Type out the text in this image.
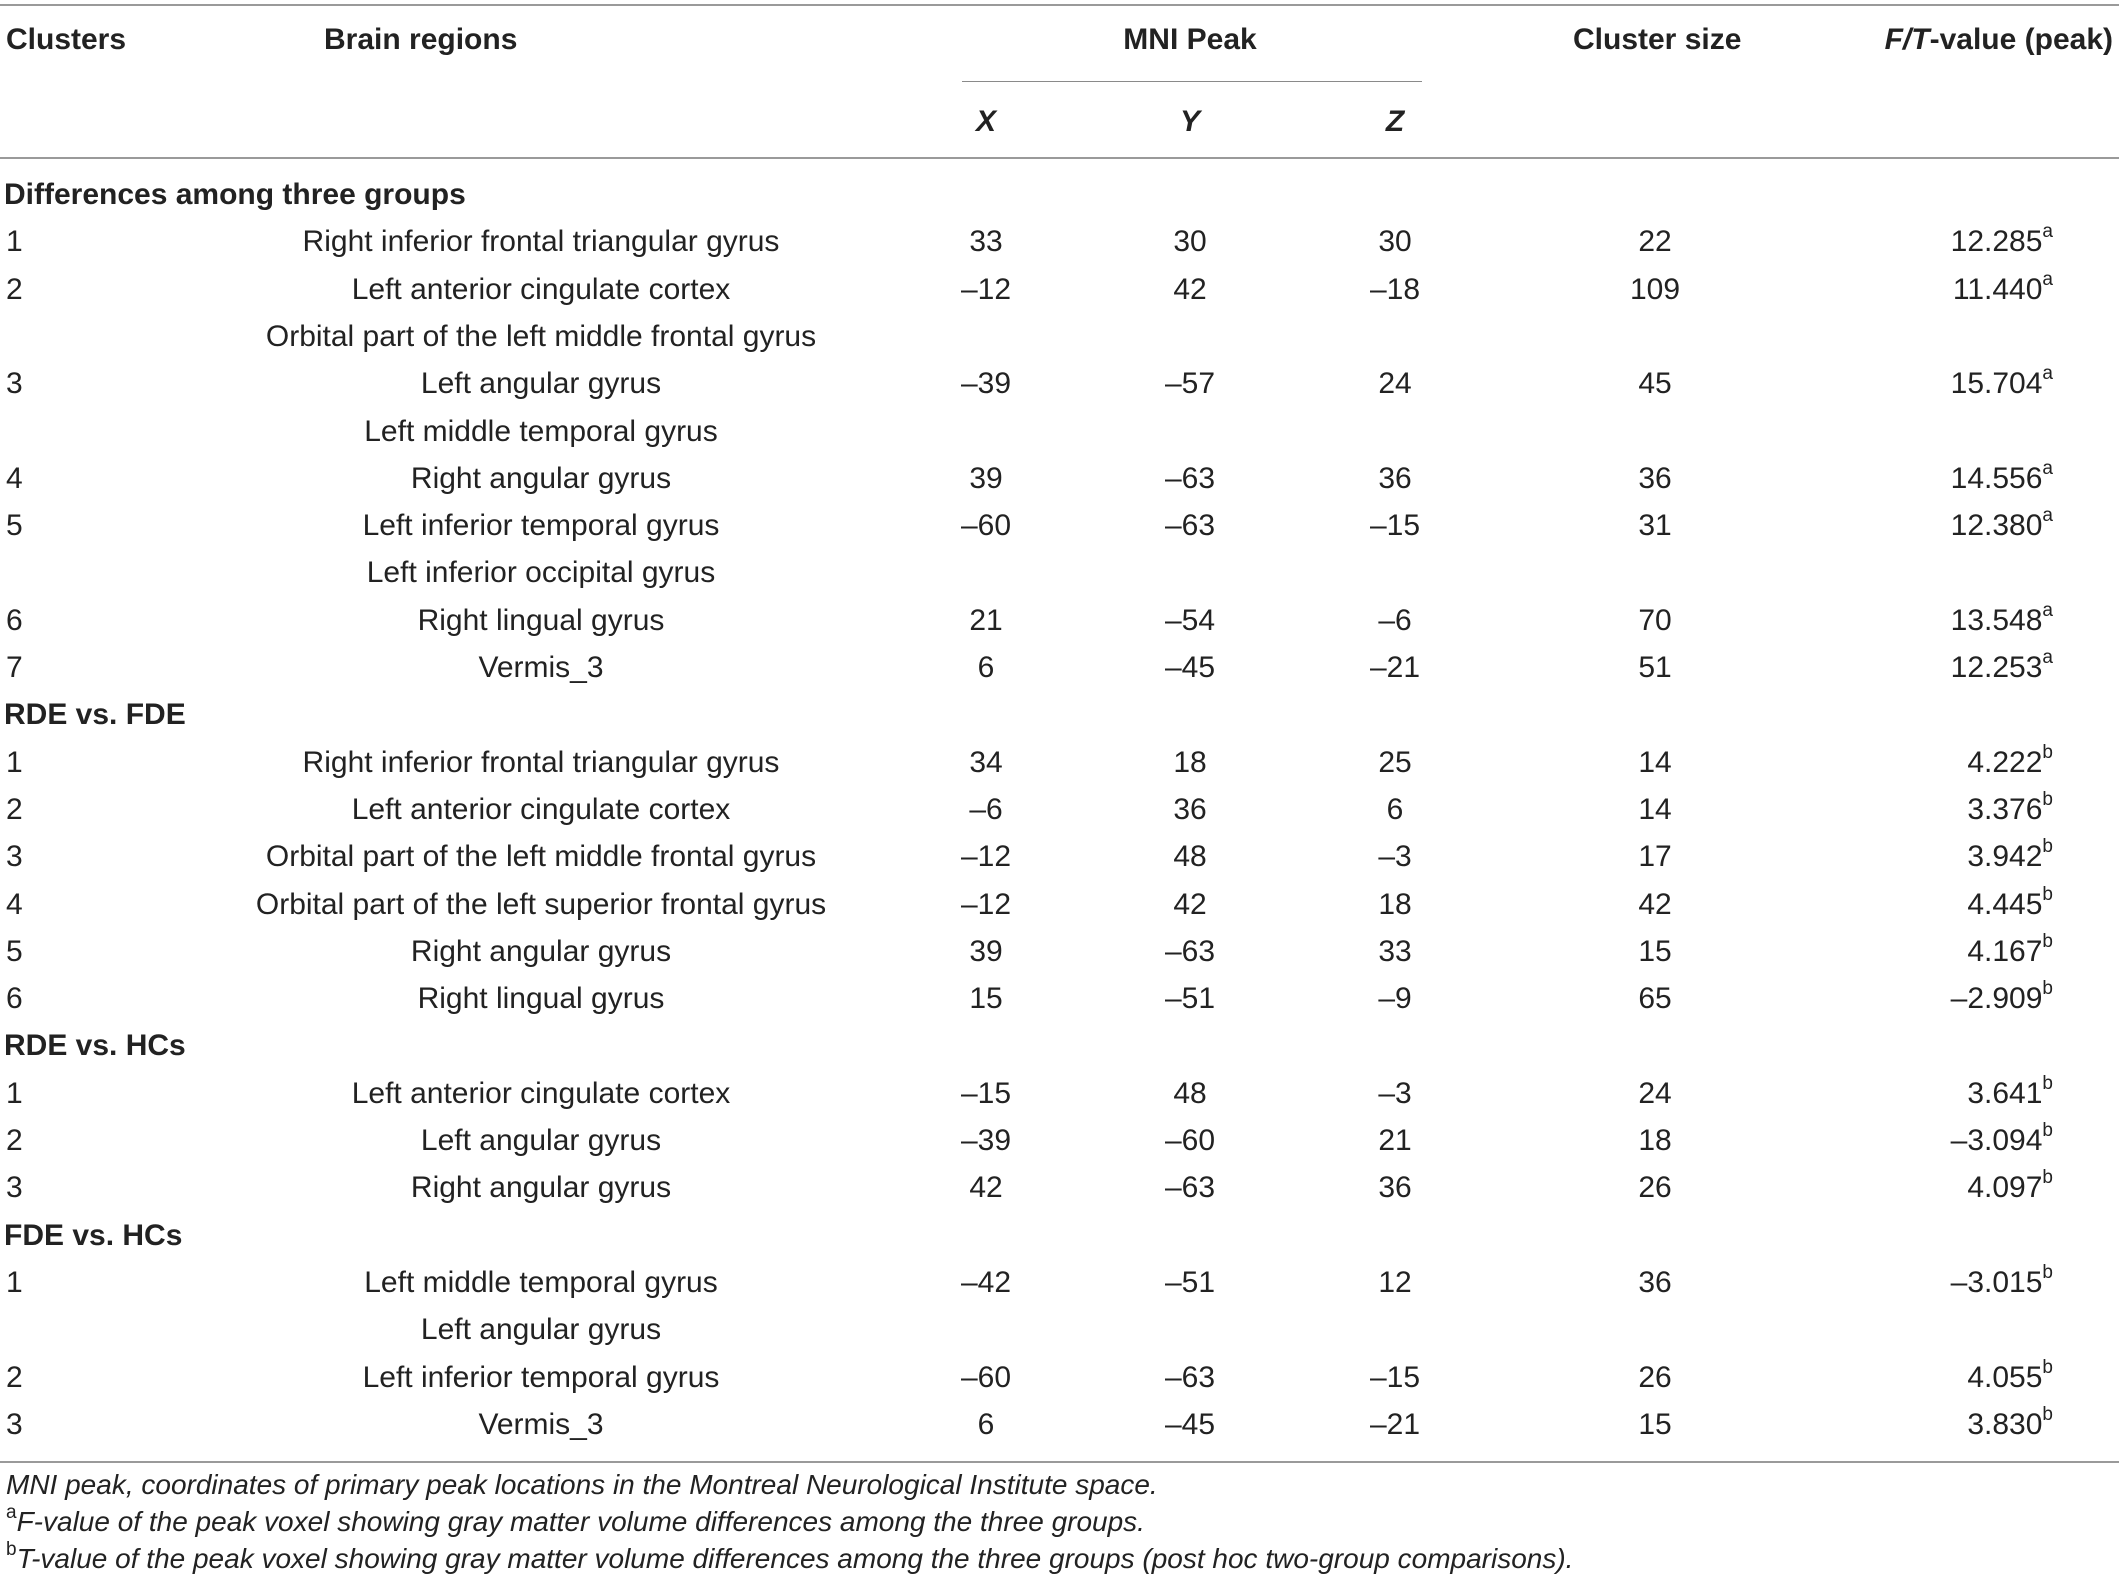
Clusters	Brain regions	MNI Peak	Cluster size	F/T-value (peak)
X	Y	Z
Differences among three groups
1	Right inferior frontal triangular gyrus	33	30	30	22	12.285$^a$
2	Left anterior cingulate cortex	–12	42	–18	109	11.440$^a$
Orbital part of the left middle frontal gyrus
3	Left angular gyrus	–39	–57	24	45	15.704$^a$
Left middle temporal gyrus
4	Right angular gyrus	39	–63	36	36	14.556$^a$
5	Left inferior temporal gyrus	–60	–63	–15	31	12.380$^a$
Left inferior occipital gyrus
6	Right lingual gyrus	21	–54	–6	70	13.548$^a$
7	Vermis_3	6	–45	–21	51	12.253$^a$
RDE vs. FDE
1	Right inferior frontal triangular gyrus	34	18	25	14	4.222$^b$
2	Left anterior cingulate cortex	–6	36	6	14	3.376$^b$
3	Orbital part of the left middle frontal gyrus	–12	48	–3	17	3.942$^b$
4	Orbital part of the left superior frontal gyrus	–12	42	18	42	4.445$^b$
5	Right angular gyrus	39	–63	33	15	4.167$^b$
6	Right lingual gyrus	15	–51	–9	65	–2.909$^b$
RDE vs. HCs
1	Left anterior cingulate cortex	–15	48	–3	24	3.641$^b$
2	Left angular gyrus	–39	–60	21	18	–3.094$^b$
3	Right angular gyrus	42	–63	36	26	4.097$^b$
FDE vs. HCs
1	Left middle temporal gyrus	–42	–51	12	36	–3.015$^b$
Left angular gyrus
2	Left inferior temporal gyrus	–60	–63	–15	26	4.055$^b$
3	Vermis_3	6	–45	–21	15	3.830$^b$
MNI peak, coordinates of primary peak locations in the Montreal Neurological Institute space.
$^a$F-value of the peak voxel showing gray matter volume differences among the three groups.
$^b$T-value of the peak voxel showing gray matter volume differences among the three groups (post hoc two-group comparisons).
